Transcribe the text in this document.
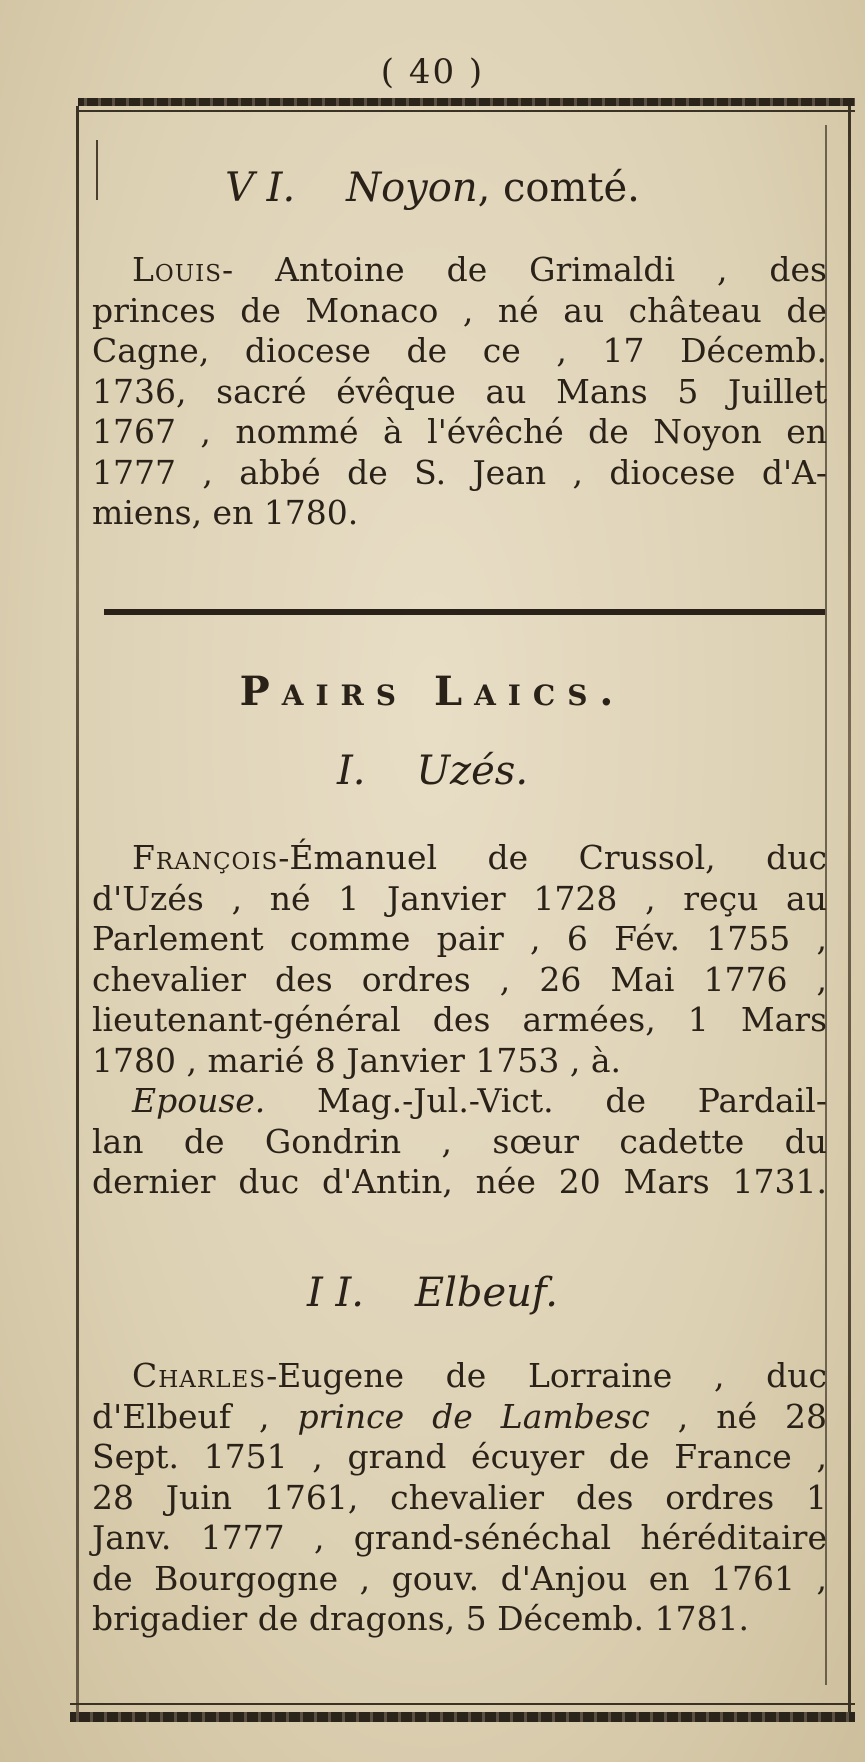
( 40 )
V I. Noyon, comté.
Louis- Antoine de Grimaldi , des
princes de Monaco , né au château de
Cagne, diocese de ce , 17 Décemb.
1736, sacré évêque au Mans 5 Juillet
1767 , nommé à l'évêché de Noyon en
1777 , abbé de S. Jean , diocese d'A-
miens, en 1780.
Pairs Laics.
I. Uzés.
François-Émanuel de Crussol, duc
d'Uzés , né 1 Janvier 1728 , reçu au
Parlement comme pair , 6 Fév. 1755 ,
chevalier des ordres , 26 Mai 1776 ,
lieutenant-général des armées, 1 Mars
1780 , marié 8 Janvier 1753 , à.
Epouse. Mag.-Jul.-Vict. de Pardail-
lan de Gondrin , sœur cadette du
dernier duc d'Antin, née 20 Mars 1731.
I I. Elbeuf.
Charles-Eugene de Lorraine , duc
d'Elbeuf , prince de Lambesc , né 28
Sept. 1751 , grand écuyer de France ,
28 Juin 1761, chevalier des ordres 1
Janv. 1777 , grand-sénéchal héréditaire
de Bourgogne , gouv. d'Anjou en 1761 ,
brigadier de dragons, 5 Décemb. 1781.
